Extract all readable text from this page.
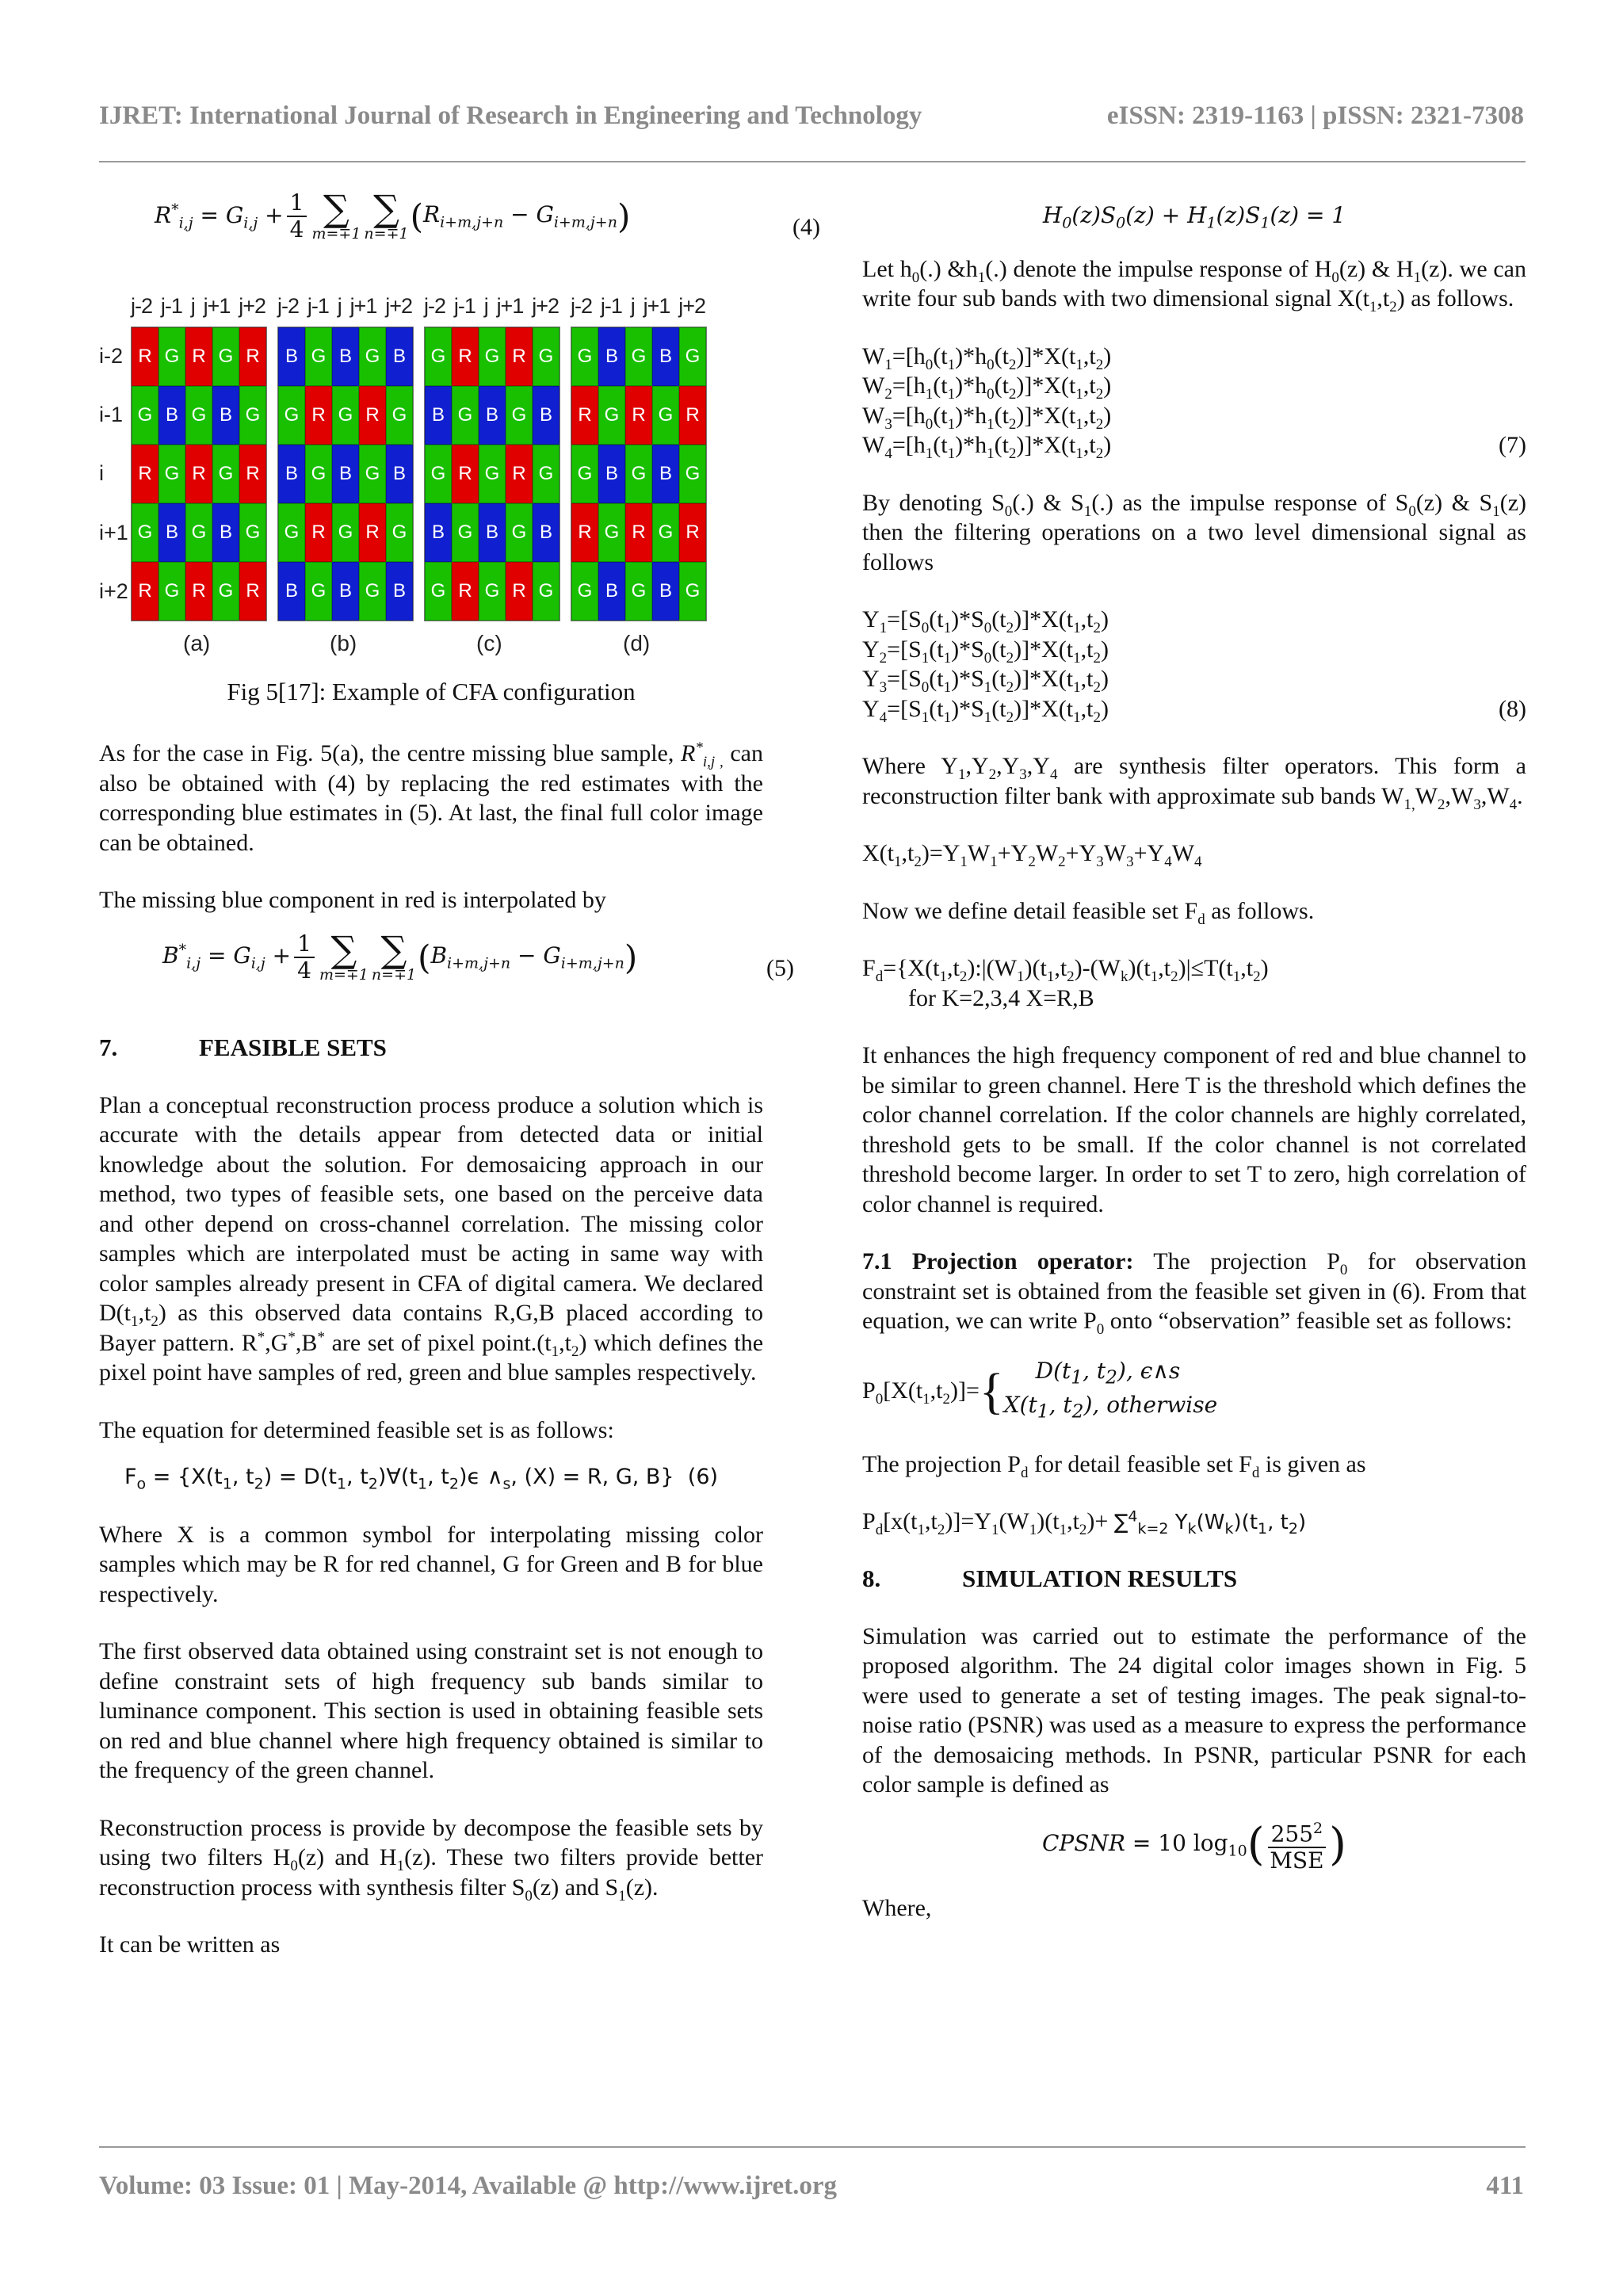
IJRET: International Journal of Research in Engineering and Technology	eISSN: 2319-1163 | pISSN: 2321-7308
$R^*_{i,j} = G_{i,j} + \frac{1}{4}$ ∑
m=∓1
∑
n=∓1 $(R_{i+m,j+n} - G_{i+m,j+n})$	(4)
i-2
i-1
i
i+1
i+2
j-2 j-1 j j+1 j+2
R G R G R
G B G B G
R G R G R
G B G B G
R G R G R
(a)
j-2 j-1 j j+1 j+2
B G B G B
G R G R G
B G B G B
G R G R G
B G B G B
(b)
j-2 j-1 j j+1 j+2
G R G R G
B G B G B
G R G R G
B G B G B
G R G R G
(c)
j-2 j-1 j j+1 j+2
G B G B G
R G R G R
G B G B G
R G R G R
G B G B G
(d)
Fig 5[17]: Example of CFA configuration

As for the case in Fig. 5(a), the centre missing blue sample, $R^*_{i,j ,}$ can also be obtained with (4) by replacing the red estimates with the corresponding blue estimates in (5). At last, the final full color image can be obtained.

The missing blue component in red is interpolated by

$B^*_{i,j} = G_{i,j} + \frac{1}{4}$ ∑
m=∓1
∑
n=∓1 $(B_{i+m,j+n} - G_{i+m,j+n})$	(5)
7.	FEASIBLE SETS

Plan a conceptual reconstruction process produce a solution which is accurate with the details appear from detected data or initial knowledge about the solution. For demosaicing approach in our method, two types of feasible sets, one based on the perceive data and other depend on cross-channel correlation. The missing color samples which are interpolated must be acting in same way with color samples already present in CFA of digital camera. We declared $D(t_1,t_2)$ as this observed data contains R,G,B placed according to Bayer pattern. R*,G*,B* are set of pixel $point.(t_1,t_2)$ which defines the pixel point have samples of red, green and blue samples respectively.

The equation for determined feasible set is as follows:

$F_o = \{X(t_1$, $t_2) = D(t_1$, $t_2)\forall(t_1$, $t_2)\epsilon$ $\wedge_s$, (X) = R, G, B}  (6)

Where X is a common symbol for interpolating missing color samples which may be R for red channel, G for Green and B for blue respectively.

The first observed data obtained using constraint set is not enough to define constraint sets of high frequency sub bands similar to luminance component. This section is used in obtaining feasible sets on red and blue channel where high frequency obtained is similar to the frequency of the green channel.

Reconstruction process is provide by decompose the feasible sets by using two filters $H_0(z)$ and $H_1(z)$. These two filters provide better reconstruction process with synthesis filter $S_0(z)$ and $S_1(z)$.

It can be written as

$H_0(z)S_0(z) + H_1(z)S_1(z) = 1$

Let $h_0(.)$ $\&h_1(.)$ denote the impulse response of $H_0(z)$ & $H_1(z)$. we can write four sub bands with two dimensional signal $X(t_1,t_2)$ as follows.

$W_1=[h_0(t_1)*h_0(t_2)]*X(t_1,t_2)$
$W_2=[h_1(t_1)*h_0(t_2)]*X(t_1,t_2)$
$W_3=[h_0(t_1)*h_1(t_2)]*X(t_1,t_2)$
$W_4=[h_1(t_1)*h_1(t_2)]*X(t_1,t_2)$	(7)

By denoting $S_0(.)$ & $S_1(.)$ as the impulse response of $S_0(z)$ & $S_1(z)$ then the filtering operations on a two level dimensional signal as follows

$Y_1=[S_0(t_1)*S_0(t_2)]*X(t_1,t_2)$
$Y_2=[S_1(t_1)*S_0(t_2)]*X(t_1,t_2)$
$Y_3=[S_0(t_1)*S_1(t_2)]*X(t_1,t_2)$
$Y_4=[S_1(t_1)*S_1(t_2)]*X(t_1,t_2)$	(8)

Where $Y_1,Y_2,Y_3,Y_4$ are synthesis filter operators. This form a reconstruction filter bank with approximate sub bands $W_{1,}W_2,W_3,W_4$.

$X(t_1,t_2)=Y_1W_1+Y_2W_2+Y_3W_3+Y_4W_4$

Now we define detail feasible set $F_d$ as follows.

$F_d=\{X(t_1,t_2):|(W_1)(t_1,t_2)-(W_k)(t_1,t_2)|\le T(t_1,t_2)$
for K=2,3,4 X=R,B

It enhances the high frequency component of red and blue channel to be similar to green channel. Here T is the threshold which defines the color channel correlation. If the color channels are highly correlated, threshold gets to be small. If the color channel is not correlated threshold become larger. In order to set T to zero, high correlation of color channel is required.

7.1 Projection operator: The projection $P_0$ for observation constraint set is obtained from the feasible set given in (6). From that equation, we can write $P_0$ onto “observation” feasible set as follows:

$P_0[X(t_1,t_2)]=${	$D(t_1$, $t_2$), ϵ∧s
$X(t_1$, $t_2$), otherwise

The projection $P_d$ for detail feasible set $F_d$ is given as

$P_d[x(t_1,t_2)]=Y_1(W_1)(t_1,t_2)+ \sum^4_{k=2}$ $Y_k(W_k)(t_1$, $t_2$)
8.	SIMULATION RESULTS

Simulation was carried out to estimate the performance of the proposed algorithm. The 24 digital color images shown in Fig. 5 were used to generate a set of testing images. The peak signal-to-noise ratio (PSNR) was used as a measure to express the performance of the demosaicing methods. In PSNR, particular PSNR for each color sample is defined as

CPSNR = 10 $\log_{10}( \frac{255^2}{\text{MSE}}$ )

Where,

Volume: 03 Issue: 01 | May-2014, Available @ http://www.ijret.org	411
